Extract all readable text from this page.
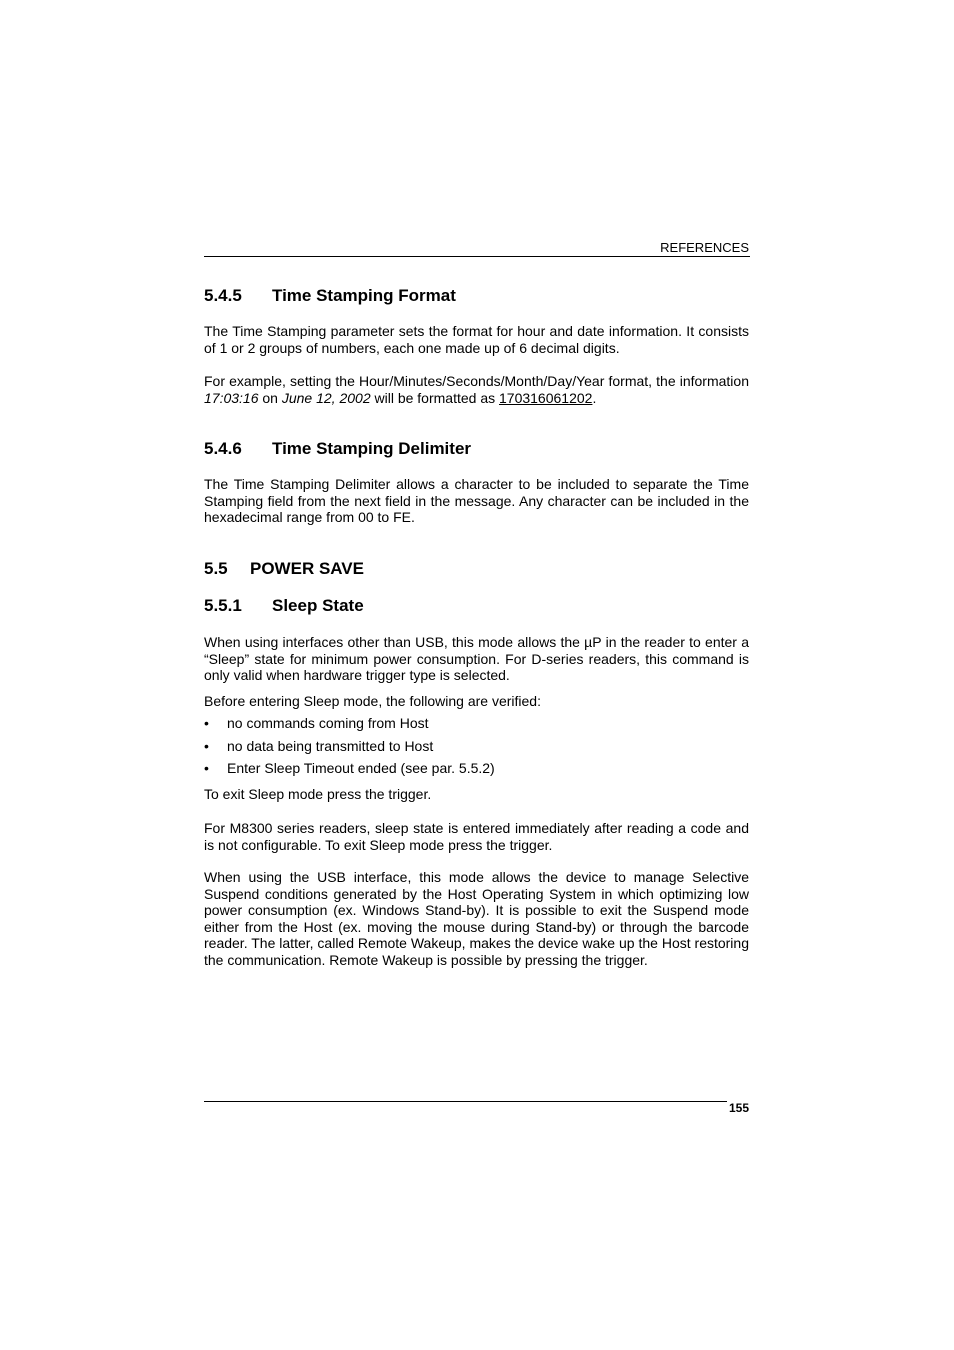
REFERENCES
5.4.5 Time Stamping Format
The Time Stamping parameter sets the format for hour and date information. It consists of 1 or 2 groups of numbers, each one made up of 6 decimal digits.
For example, setting the Hour/Minutes/Seconds/Month/Day/Year format, the information 17:03:16 on June 12, 2002 will be formatted as 170316061202.
5.4.6 Time Stamping Delimiter
The Time Stamping Delimiter allows a character to be included to separate the Time Stamping field from the next field in the message. Any character can be included in the hexadecimal range from 00 to FE.
5.5 POWER SAVE
5.5.1 Sleep State
When using interfaces other than USB, this mode allows the µP in the reader to enter a “Sleep” state for minimum power consumption. For D-series readers, this command is only valid when hardware trigger type is selected.
Before entering Sleep mode, the following are verified:
• no commands coming from Host
• no data being transmitted to Host
• Enter Sleep Timeout ended (see par. 5.5.2)
To exit Sleep mode press the trigger.
For M8300 series readers, sleep state is entered immediately after reading a code and is not configurable. To exit Sleep mode press the trigger.
When using the USB interface, this mode allows the device to manage Selective Suspend conditions generated by the Host Operating System in which optimizing low power consumption (ex. Windows Stand-by). It is possible to exit the Suspend mode either from the Host (ex. moving the mouse during Stand-by) or through the barcode reader. The latter, called Remote Wakeup, makes the device wake up the Host restoring the communication. Remote Wakeup is possible by pressing the trigger.
155
